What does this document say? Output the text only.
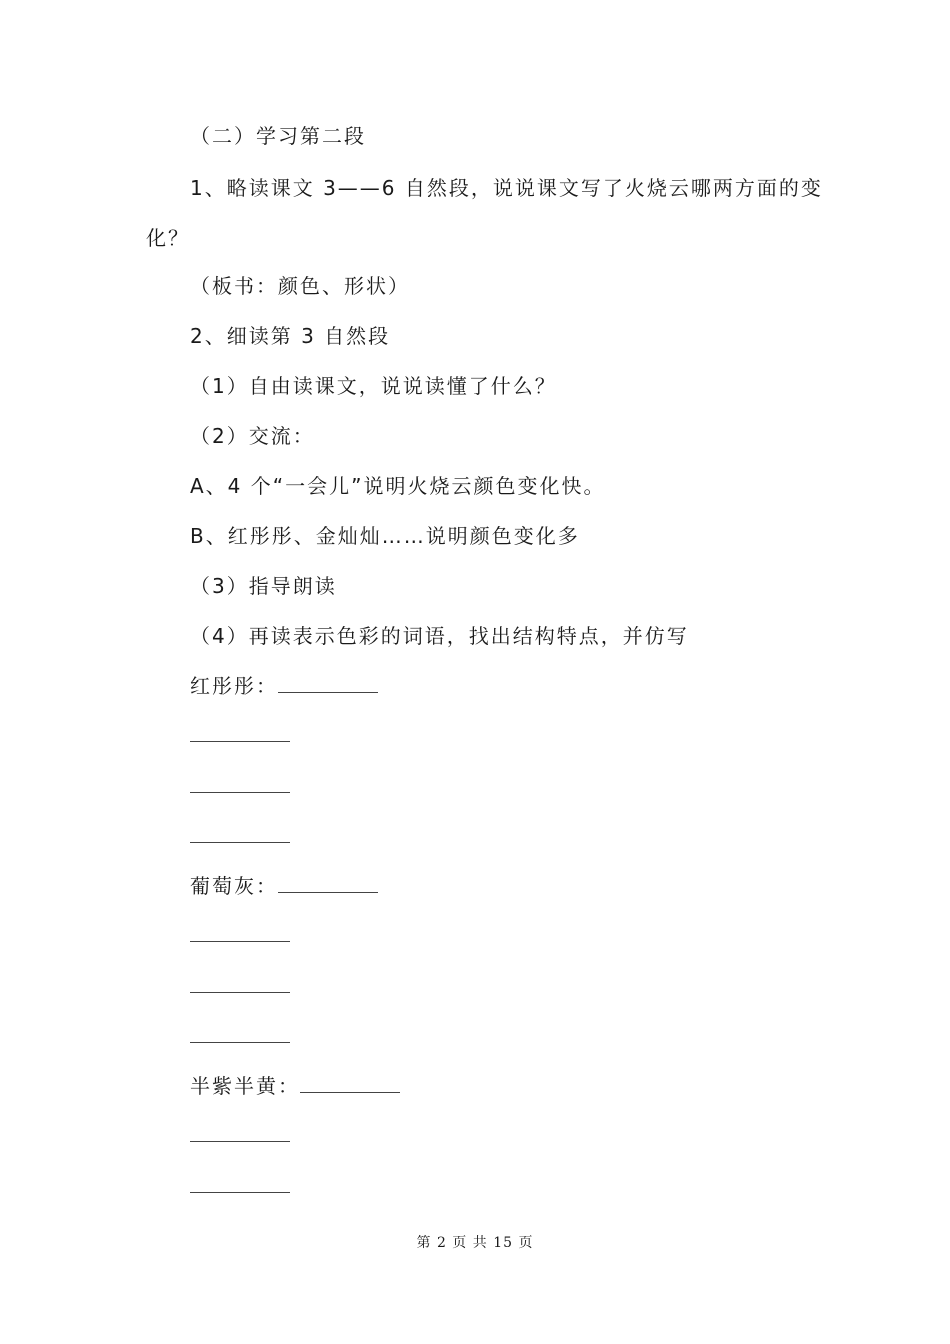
（二）学习第二段
1、略读课文 3——6 自然段，说说课文写了火烧云哪两方面的变
化？
（板书：颜色、形状）
2、细读第 3 自然段
（1）自由读课文，说说读懂了什么？
（2）交流：
A、4 个“一会儿”说明火烧云颜色变化快。
B、红彤彤、金灿灿……说明颜色变化多
（3）指导朗读
（4）再读表示色彩的词语，找出结构特点，并仿写
红彤彤：
葡萄灰：
半紫半黄：
第 2 页 共 15 页
